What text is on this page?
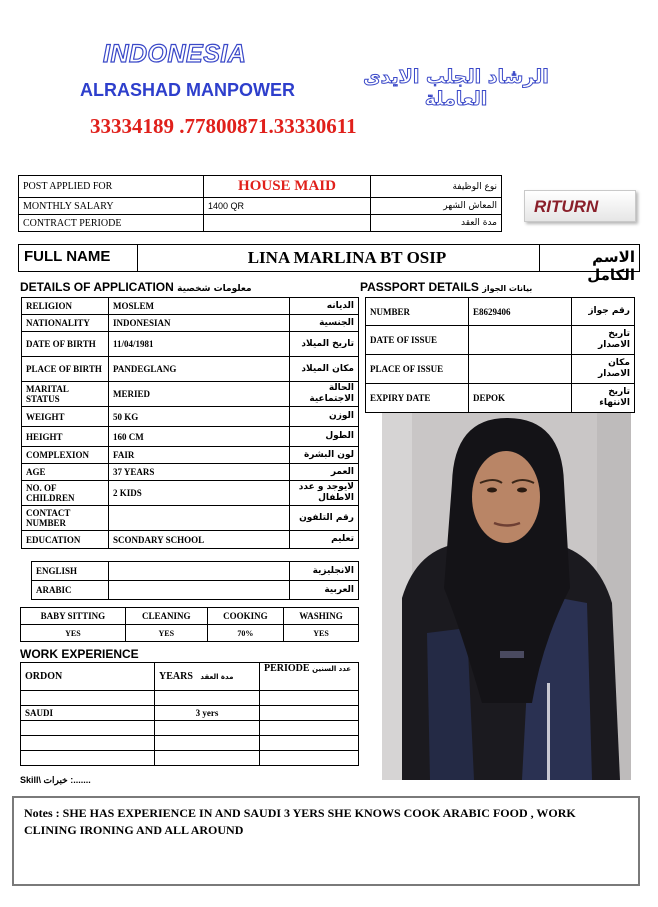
INDONESIA
ALRASHAD MANPOWER
الرشاد الجلب الايدى العاملة
33334189 .77800871.33330611
POST APPLIED FOR	HOUSE MAID	نوع الوظيفة
MONTHLY SALARY	1400 QR	المعاش الشهر
CONTRACT PERIODE		مدة العقد
RITURN
FULL NAME	LINA MARLINA BT OSIP	الاسم الكامل
DETAILS OF APPLICATION معلومات شخصية	PASSPORT DETAILS بيانات الجواز
RELIGION	MOSLEM	الديانه
NATIONALITY	INDONESIAN	الجنسية
DATE OF BIRTH	11/04/1981	تاريخ الميلاد
PLACE OF BIRTH	PANDEGLANG	مكان الميلاد
MARITAL STATUS	MERIED	الحالة الاجتماعية
WEIGHT	50 KG	الوزن
HEIGHT	160 CM	الطول
COMPLEXION	FAIR	لون البشرة
AGE	37 YEARS	العمر
NO. OF CHILDREN	2 KIDS	لايوجد و عدد الاطفال
CONTACT NUMBER		رقم التلفون
EDUCATION	SCONDARY SCHOOL	تعليم
ENGLISH		الانجليزية
ARABIC		العربية
NUMBER	E8629406	رقم جواز
DATE OF ISSUE		تاريخ الاصدار
PLACE OF ISSUE		مكان الاصدار
EXPIRY DATE	DEPOK	تاريخ الانتهاء
BABY SITTING	CLEANING	COOKING	WASHING
YES	YES	70%	YES
WORK EXPERIENCE
ORDON	YEARS مدة العقد	PERIODE عدد السنين

SAUDI	3 yers	

Skill\ خبرات :.......
Notes : SHE HAS EXPERIENCE IN AND SAUDI 3 YERS SHE KNOWS COOK ARABIC FOOD , WORK CLINING IRONING AND ALL AROUND
